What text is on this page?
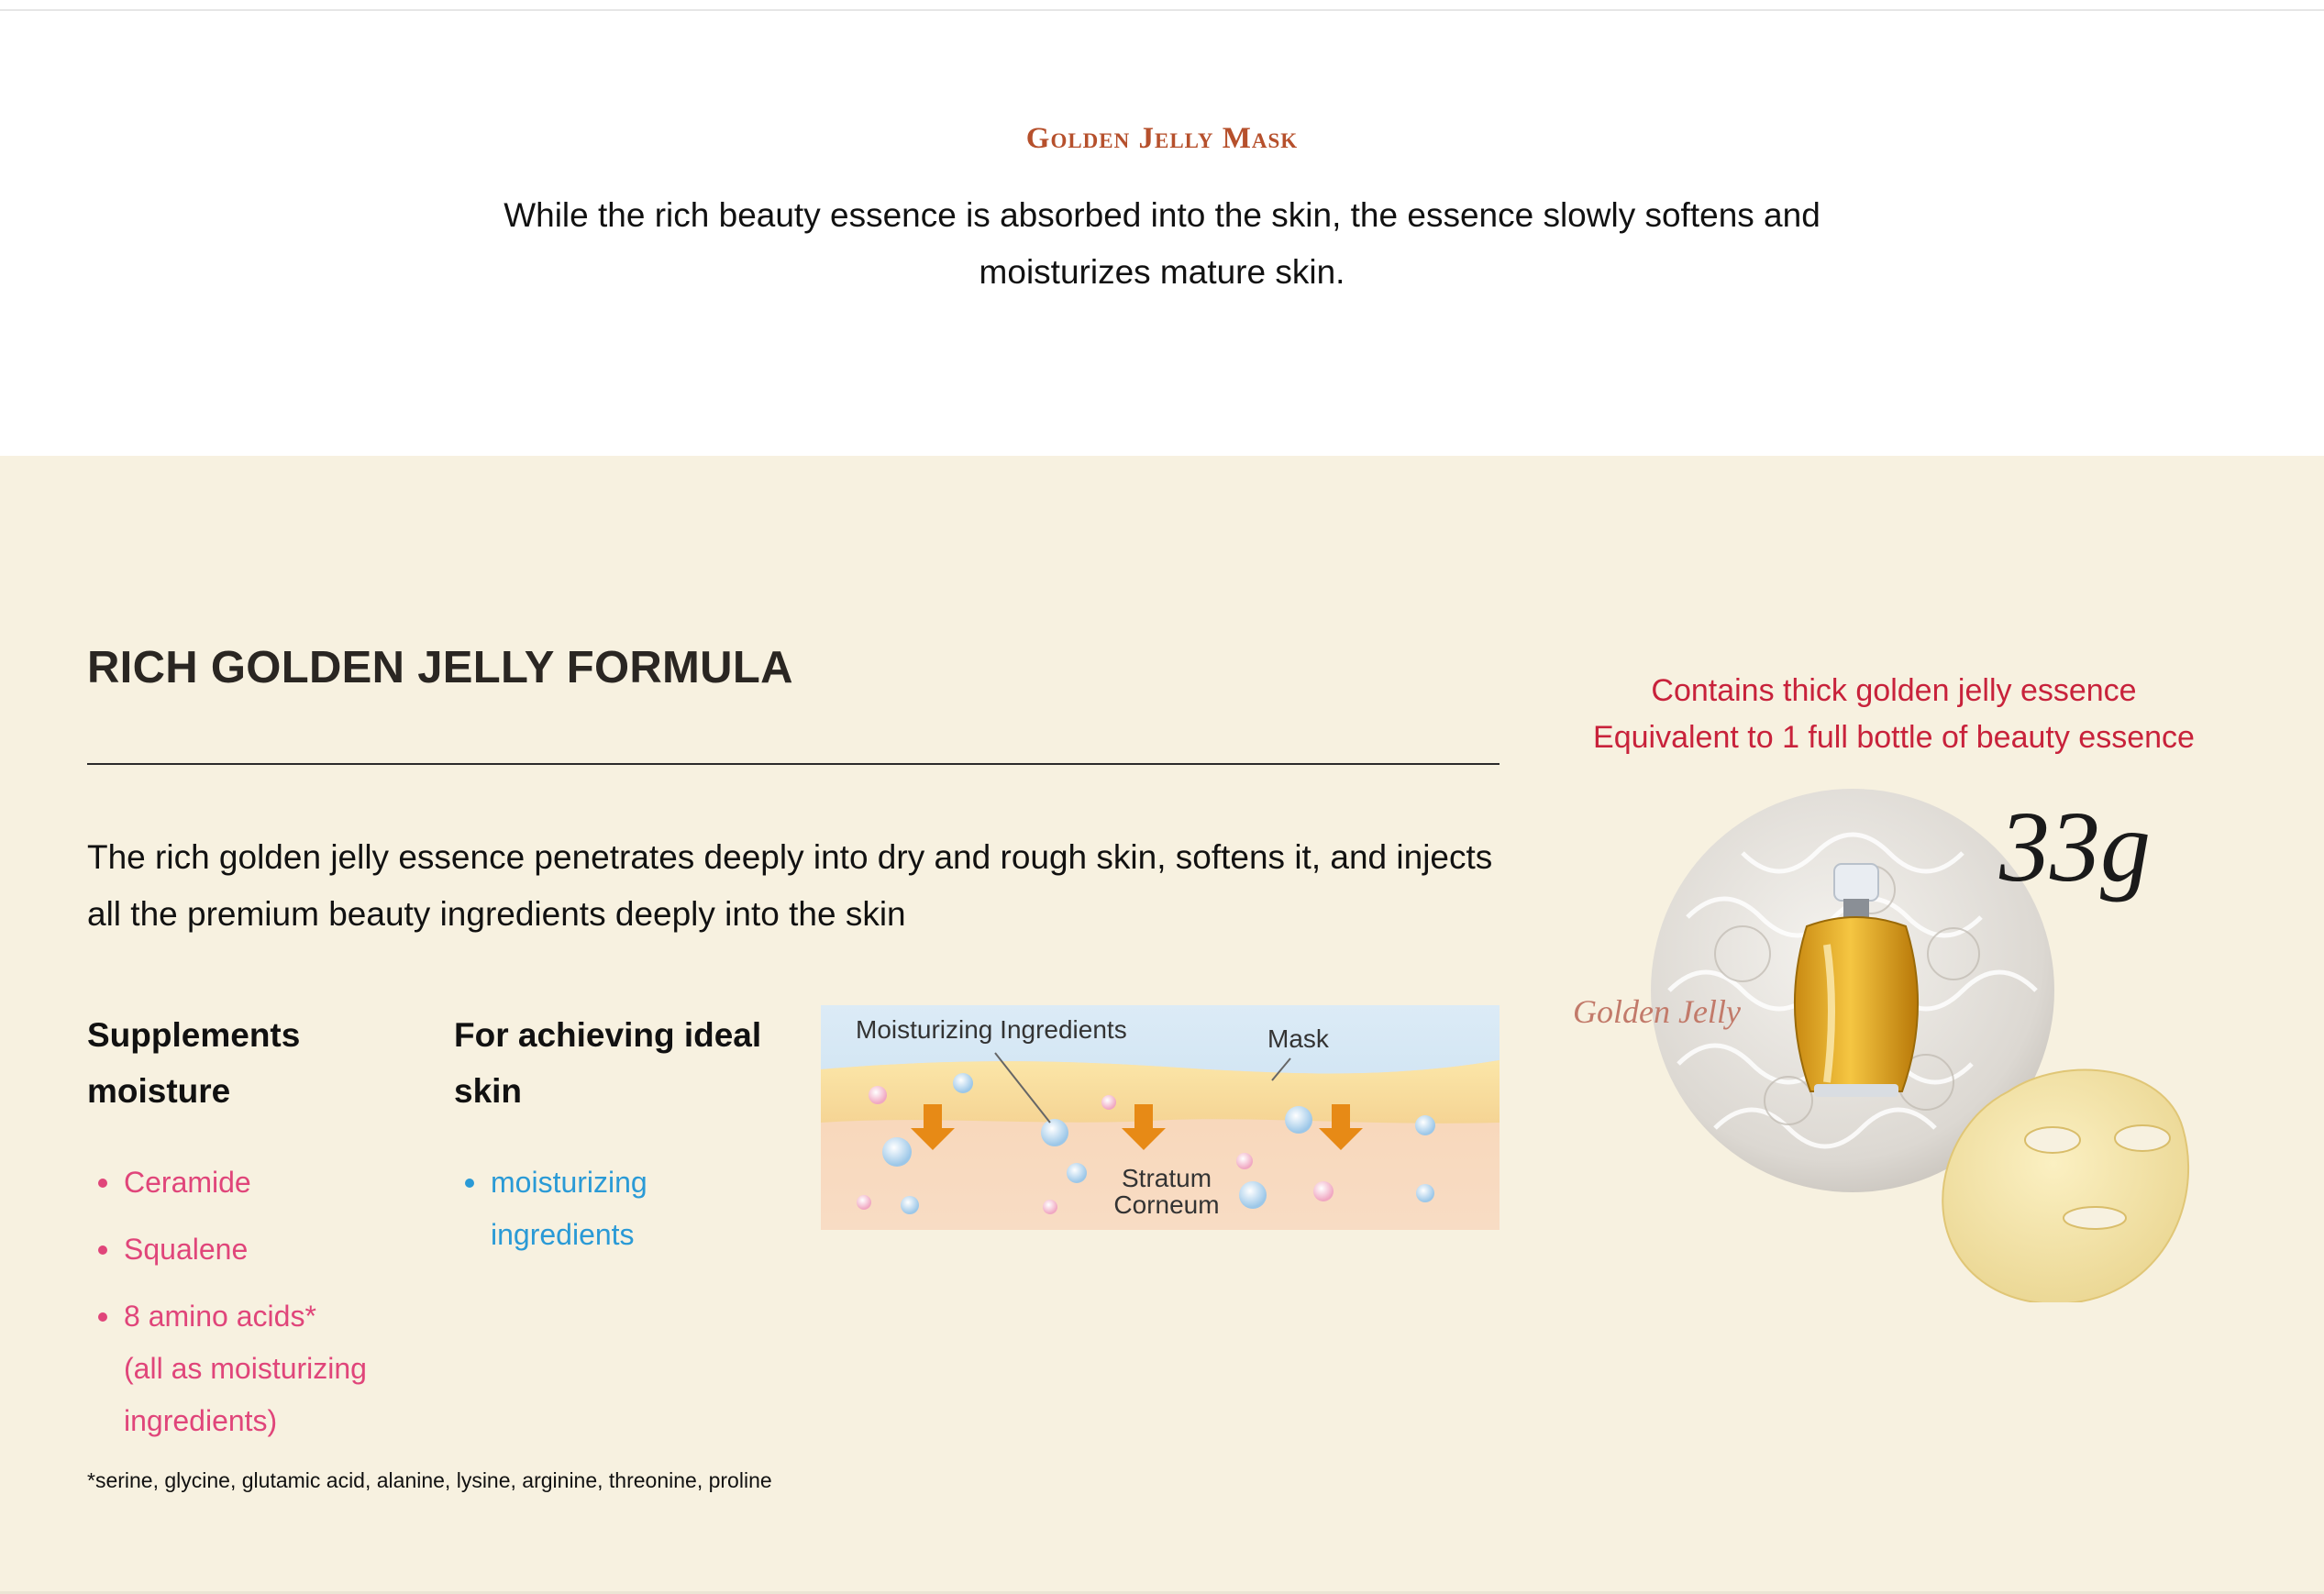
Golden Jelly Mask
While the rich beauty essence is absorbed into the skin, the essence slowly softens and moisturizes mature skin.
RICH GOLDEN JELLY FORMULA
The rich golden jelly essence penetrates deeply into dry and rough skin, softens it, and injects all the premium beauty ingredients deeply into the skin
Supplements moisture
Ceramide
Squalene
8 amino acids*
(all as moisturizing ingredients)
For achieving ideal skin
moisturizing ingredients
*serine, glycine, glutamic acid, alanine, lysine, arginine, threonine, proline
Moisturizing Ingredients	Mask
Stratum
Corneum
Contains thick golden jelly essence
Equivalent to 1 full bottle of beauty essence
33g
Golden Jelly
